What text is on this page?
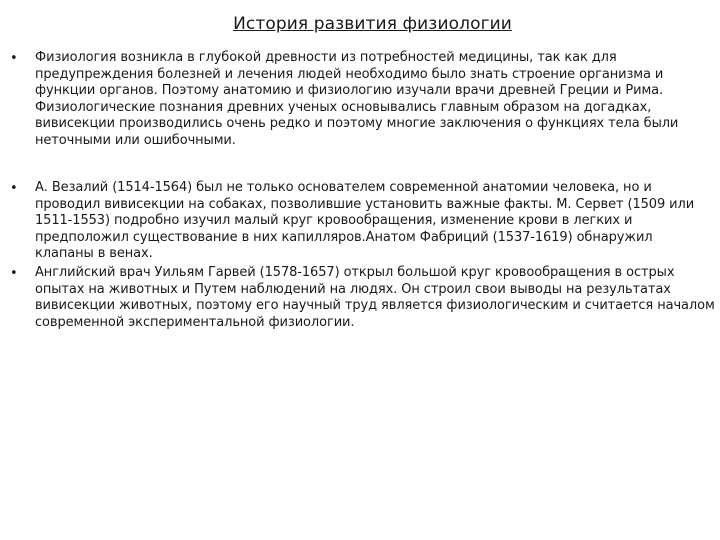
История развития физиологии
• Физиология возникла в глубокой древности из потребностей медицины, так как для предупреждения болезней и лечения людей необходимо было знать строение организма и функции органов. Поэтому анатомию и физиологию изучали врачи древней Греции и Рима. Физиологические познания древних ученых основывались главным образом на догадках, вивисекции производились очень редко и поэтому многие заключения о функциях тела были неточными или ошибочными.
• А. Везалий (1514-1564) был не только основателем современной анатомии человека, но и проводил вивисекции на собаках, позволившие установить важные факты. М. Сервет (1509 или 1511-1553) подробно изучил малый круг кровообращения, изменение крови в легких и предположил существование в них капилляров.Анатом Фабриций (1537-1619) обнаружил клапаны в венах.
• Английский врач Уильям Гарвей (1578-1657) открыл большой круг кровообращения в острых опытах на животных и Путем наблюдений на людях. Он строил свои выводы на результатах вивисекции животных, поэтому его научный труд является физиологическим и считается началом современной экспериментальной физиологии.
